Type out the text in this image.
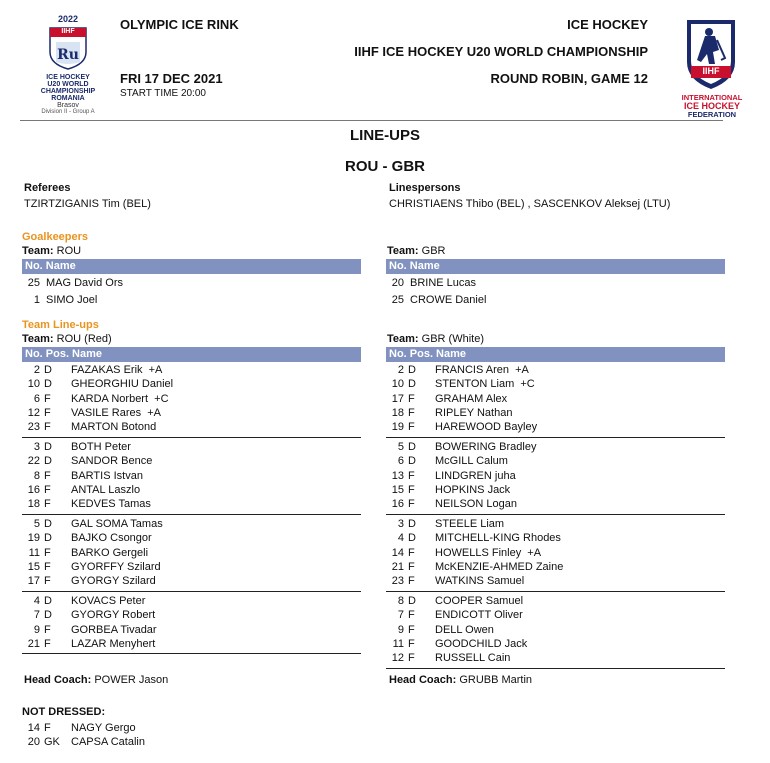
2022
Ru
IIHF
ICE HOCKEY
U20 WORLD
CHAMPIONSHIP
ROMANIA
Brasov
Division II - Group A
OLYMPIC ICE RINK
FRI 17 DEC 2021
START TIME 20:00
ICE HOCKEY
IIHF ICE HOCKEY U20 WORLD CHAMPIONSHIP
ROUND ROBIN, GAME 12	IIHF
INTERNATIONAL
ICE HOCKEY
FEDERATION
LINE-UPS
ROU - GBR
Referees
TZIRTZIGANIS Tim (BEL)
Linespersons
CHRISTIAENS Thibo (BEL) , SASCENKOV Aleksej (LTU)
Goalkeepers
Team: ROU	Team: GBR
No. Name	No. Name
25 MAG David Ors
1 SIMO Joel
20 BRINE Lucas
25 CROWE Daniel
Team Line-ups
Team: ROU (Red)	Team: GBR (White)
No. Pos. Name	No. Pos. Name
2 D FAZAKAS Erik  +A
10 D GHEORGHIU Daniel
6 F KARDA Norbert  +C
12 F VASILE Rares  +A
23 F MARTON Botond
3 D BOTH Peter
22 D SANDOR Bence
8 F BARTIS Istvan
16 F ANTAL Laszlo
18 F KEDVES Tamas
5 D GAL SOMA Tamas
19 D BAJKO Csongor
11 F BARKO Gergeli
15 F GYORFFY Szilard
17 F GYORGY Szilard
4 D KOVACS Peter
7 D GYORGY Robert
9 F GORBEA Tivadar
21 F LAZAR Menyhert
2 D FRANCIS Aren  +A
10 D STENTON Liam  +C
17 F GRAHAM Alex
18 F RIPLEY Nathan
19 F HAREWOOD Bayley
5 D BOWERING Bradley
6 D McGILL Calum
13 F LINDGREN juha
15 F HOPKINS Jack
16 F NEILSON Logan
3 D STEELE Liam
4 D MITCHELL-KING Rhodes
14 F HOWELLS Finley  +A
21 F McKENZIE-AHMED Zaine
23 F WATKINS Samuel
8 D COOPER Samuel
7 F ENDICOTT Oliver
9 F DELL Owen
11 F GOODCHILD Jack
12 F RUSSELL Cain
Head Coach: POWER Jason	Head Coach: GRUBB Martin
NOT DRESSED:
14 F NAGY Gergo
20 GK CAPSA Catalin
